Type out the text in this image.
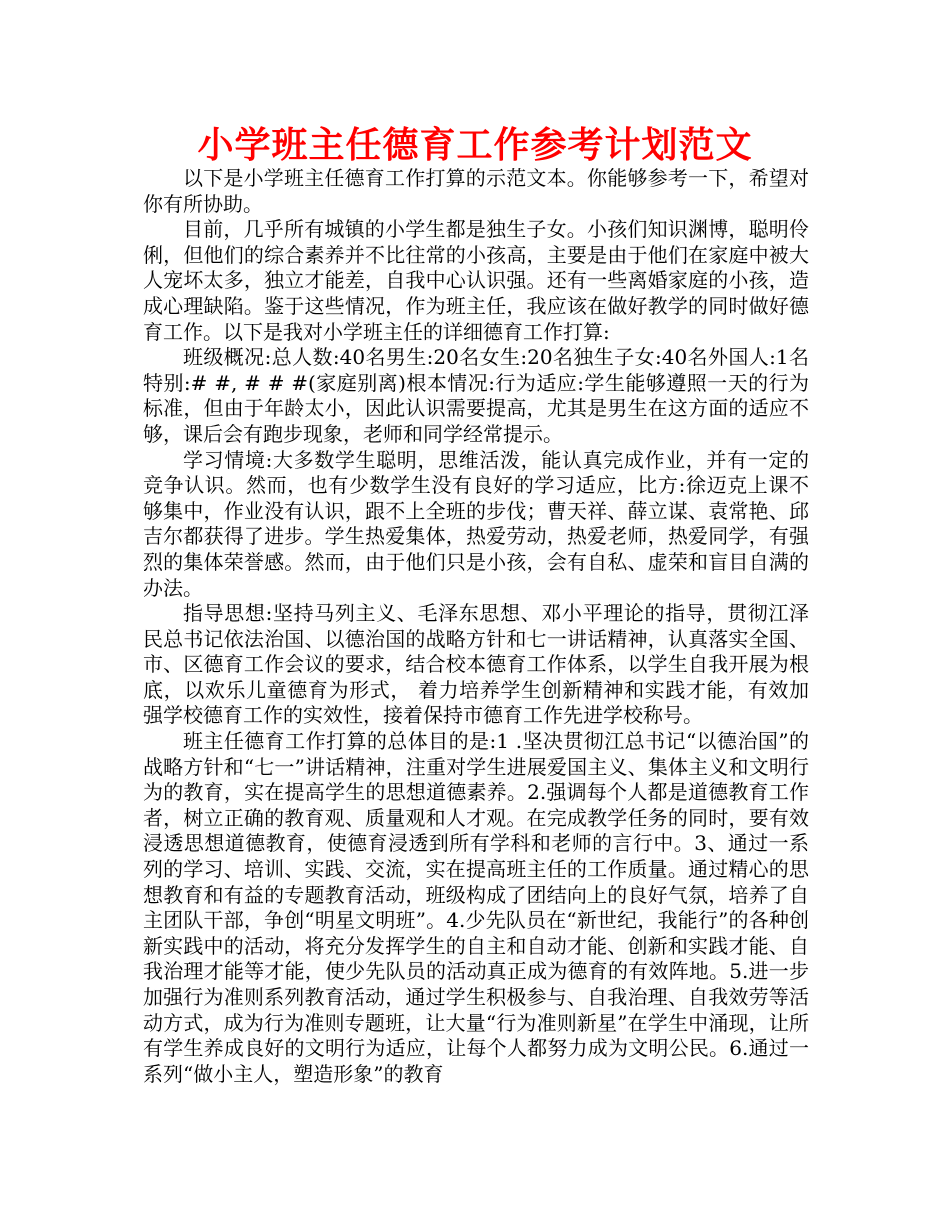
小学班主任德育工作参考计划范文

以下是小学班主任德育工作打算的示范文本。你能够参考一下，希望对你有所协助。

目前，几乎所有城镇的小学生都是独生子女。小孩们知识渊博，聪明伶俐，但他们的综合素养并不比往常的小孩高，主要是由于他们在家庭中被大人宠坏太多，独立才能差，自我中心认识强。还有一些离婚家庭的小孩，造成心理缺陷。鉴于这些情况，作为班主任，我应该在做好教学的同时做好德育工作。以下是我对小学班主任的详细德育工作打算:

班级概况:总人数:40名男生:20名女生:20名独生子女:40名外国人:1名特别:# #, # # #(家庭别离)根本情况:行为适应:学生能够遵照一天的行为标准，但由于年龄太小，因此认识需要提高，尤其是男生在这方面的适应不够，课后会有跑步现象，老师和同学经常提示。

学习情境:大多数学生聪明，思维活泼，能认真完成作业，并有一定的竞争认识。然而，也有少数学生没有良好的学习适应，比方:徐迈克上课不够集中，作业没有认识，跟不上全班的步伐；曹天祥、薛立谋、袁常艳、邱吉尔都获得了进步。学生热爱集体，热爱劳动，热爱老师，热爱同学，有强烈的集体荣誉感。然而，由于他们只是小孩，会有自私、虚荣和盲目自满的办法。

指导思想:坚持马列主义、毛泽东思想、邓小平理论的指导，贯彻江泽民总书记依法治国、以德治国的战略方针和七一讲话精神，认真落实全国、市、区德育工作会议的要求，结合校本德育工作体系，以学生自我开展为根底，以欢乐儿童德育为形式， 着力培养学生创新精神和实践才能，有效加强学校德育工作的实效性，接着保持市德育工作先进学校称号。

班主任德育工作打算的总体目的是:1 .坚决贯彻江总书记“以德治国”的战略方针和“七一”讲话精神，注重对学生进展爱国主义、集体主义和文明行为的教育，实在提高学生的思想道德素养。2.强调每个人都是道德教育工作者，树立正确的教育观、质量观和人才观。在完成教学任务的同时，要有效浸透思想道德教育，使德育浸透到所有学科和老师的言行中。3、通过一系列的学习、培训、实践、交流，实在提高班主任的工作质量。通过精心的思想教育和有益的专题教育活动，班级构成了团结向上的良好气氛，培养了自主团队干部，争创“明星文明班”。4.少先队员在“新世纪，我能行”的各种创新实践中的活动，将充分发挥学生的自主和自动才能、创新和实践才能、自我治理才能等才能，使少先队员的活动真正成为德育的有效阵地。5.进一步加强行为准则系列教育活动，通过学生积极参与、自我治理、自我效劳等活动方式，成为行为准则专题班，让大量“行为准则新星”在学生中涌现，让所有学生养成良好的文明行为适应，让每个人都努力成为文明公民。6.通过一系列“做小主人，塑造形象”的教育
